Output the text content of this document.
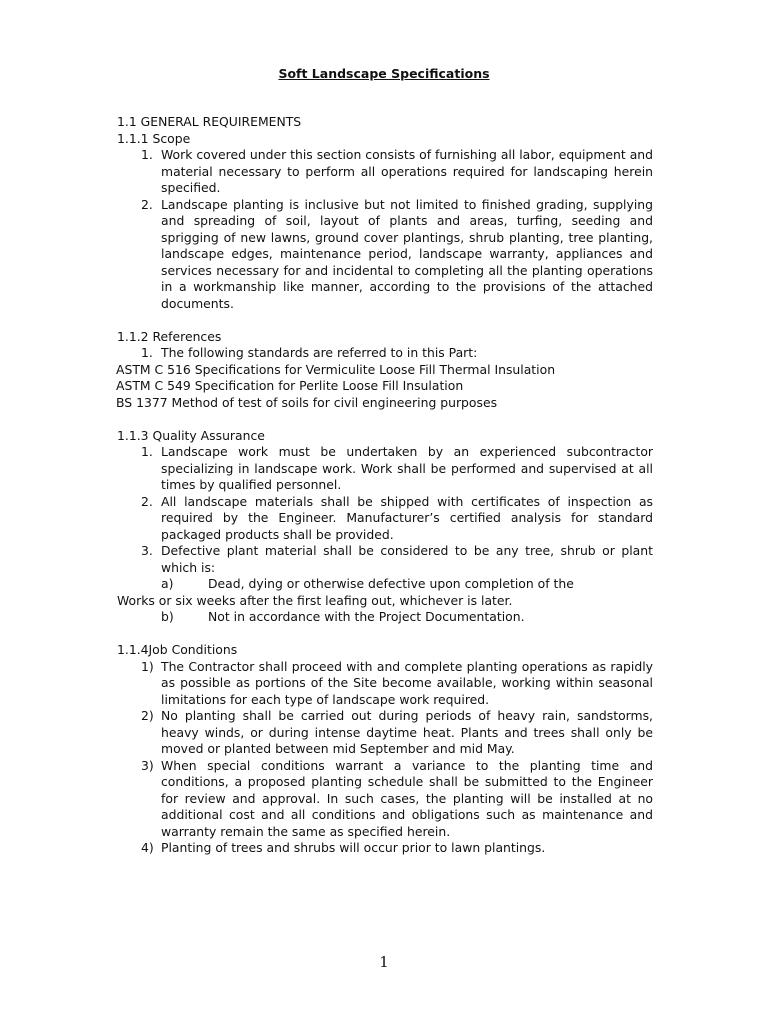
Soft Landscape Specifications

1.1 GENERAL REQUIREMENTS

1.1.1 Scope

1. Work covered under this section consists of furnishing all labor, equipment and material necessary to perform all operations required for landscaping herein specified.
2. Landscape planting is inclusive but not limited to finished grading, supplying and spreading of soil, layout of plants and areas, turfing, seeding and sprigging of new lawns, ground cover plantings, shrub planting, tree planting, landscape edges, maintenance period, landscape warranty, appliances and services necessary for and incidental to completing all the planting operations in a workmanship like manner, according to the provisions of the attached documents.

1.1.2 References

1. The following standards are referred to in this Part:

ASTM C 516 Specifications for Vermiculite Loose Fill Thermal Insulation

ASTM C 549 Specification for Perlite Loose Fill Insulation

BS 1377 Method of test of soils for civil engineering purposes

1.1.3 Quality Assurance

1. Landscape work must be undertaken by an experienced subcontractor specializing in landscape work. Work shall be performed and supervised at all times by qualified personnel.
2. All landscape materials shall be shipped with certificates of inspection as required by the Engineer. Manufacturer’s certified analysis for standard packaged products shall be provided.
3. Defective plant material shall be considered to be any tree, shrub or plant which is:
a)	Dead, dying or otherwise defective upon completion of the
Works or six weeks after the first leafing out, whichever is later.
b)	Not in accordance with the Project Documentation.

1.1.4Job Conditions

1) The Contractor shall proceed with and complete planting operations as rapidly as possible as portions of the Site become available, working within seasonal limitations for each type of landscape work required.
2) No planting shall be carried out during periods of heavy rain, sandstorms, heavy winds, or during intense daytime heat. Plants and trees shall only be moved or planted between mid September and mid May.
3) When special conditions warrant a variance to the planting time and conditions, a proposed planting schedule shall be submitted to the Engineer for review and approval. In such cases, the planting will be installed at no additional cost and all conditions and obligations such as maintenance and warranty remain the same as specified herein.
4) Planting of trees and shrubs will occur prior to lawn plantings.
1
